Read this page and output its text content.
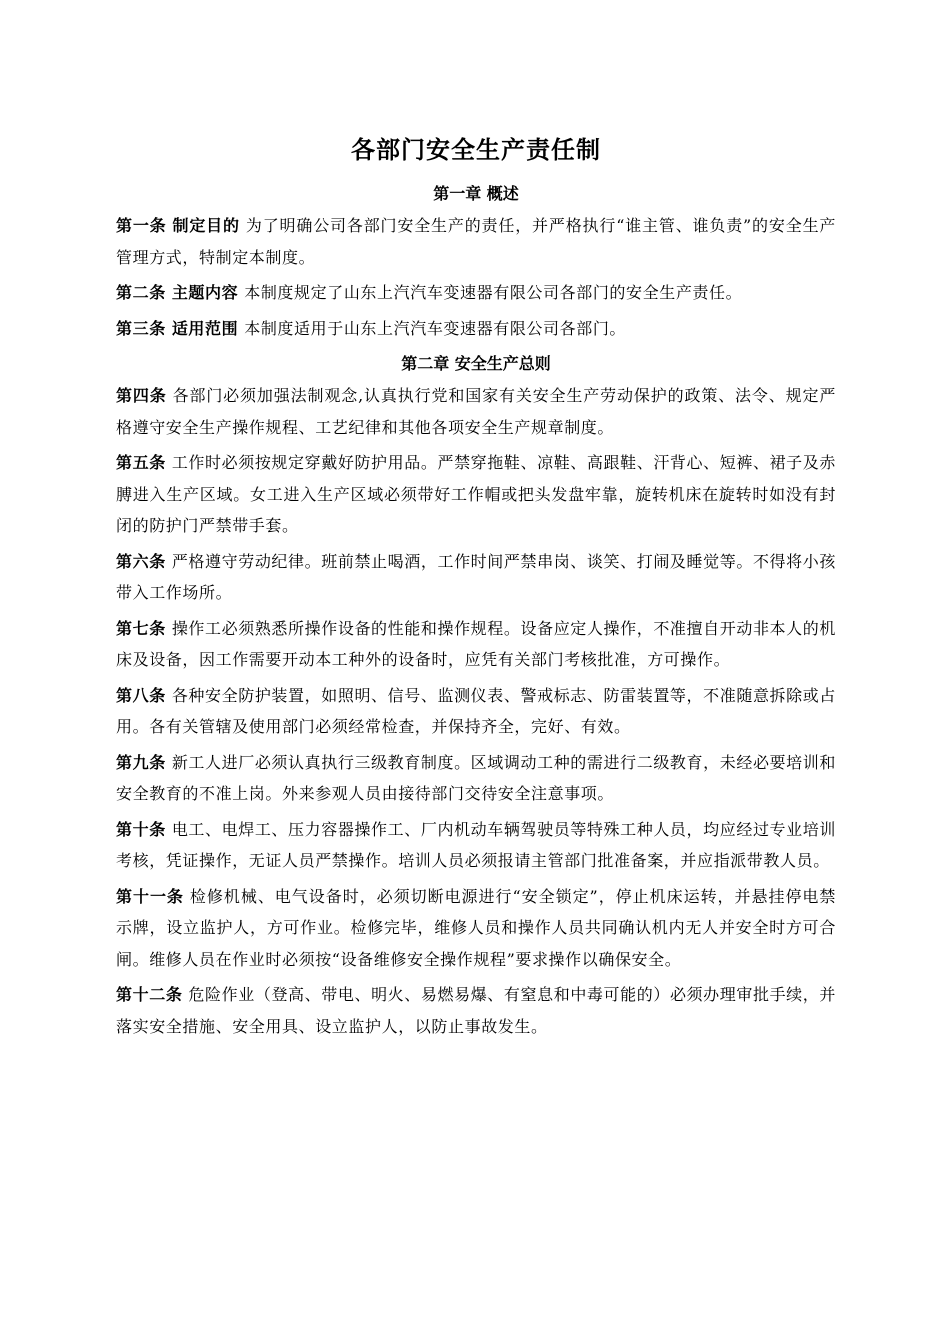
各部门安全生产责任制
第一章 概述

第一条 制定目的 为了明确公司各部门安全生产的责任，并严格执行“谁主管、谁负责”的安全生产管理方式，特制定本制度。

第二条 主题内容 本制度规定了山东上汽汽车变速器有限公司各部门的安全生产责任。

第三条 适用范围 本制度适用于山东上汽汽车变速器有限公司各部门。

第二章 安全生产总则

第四条 各部门必须加强法制观念,认真执行党和国家有关安全生产劳动保护的政策、法令、规定严格遵守安全生产操作规程、工艺纪律和其他各项安全生产规章制度。

第五条 工作时必须按规定穿戴好防护用品。严禁穿拖鞋、凉鞋、高跟鞋、汗背心、短裤、裙子及赤膊进入生产区域。女工进入生产区域必须带好工作帽或把头发盘牢靠，旋转机床在旋转时如没有封闭的防护门严禁带手套。

第六条 严格遵守劳动纪律。班前禁止喝酒，工作时间严禁串岗、谈笑、打闹及睡觉等。不得将小孩带入工作场所。

第七条 操作工必须熟悉所操作设备的性能和操作规程。设备应定人操作，不准擅自开动非本人的机床及设备，因工作需要开动本工种外的设备时，应凭有关部门考核批准，方可操作。

第八条 各种安全防护装置，如照明、信号、监测仪表、警戒标志、防雷装置等，不准随意拆除或占用。各有关管辖及使用部门必须经常检查，并保持齐全，完好、有效。

第九条 新工人进厂必须认真执行三级教育制度。区域调动工种的需进行二级教育，未经必要培训和安全教育的不准上岗。外来参观人员由接待部门交待安全注意事项。

第十条 电工、电焊工、压力容器操作工、厂内机动车辆驾驶员等特殊工种人员，均应经过专业培训考核，凭证操作，无证人员严禁操作。培训人员必须报请主管部门批准备案，并应指派带教人员。

第十一条 检修机械、电气设备时，必须切断电源进行“安全锁定”，停止机床运转，并悬挂停电禁示牌，设立监护人，方可作业。检修完毕，维修人员和操作人员共同确认机内无人并安全时方可合闸。维修人员在作业时必须按“设备维修安全操作规程”要求操作以确保安全。

第十二条 危险作业（登高、带电、明火、易燃易爆、有窒息和中毒可能的）必须办理审批手续，并落实安全措施、安全用具、设立监护人，以防止事故发生。
